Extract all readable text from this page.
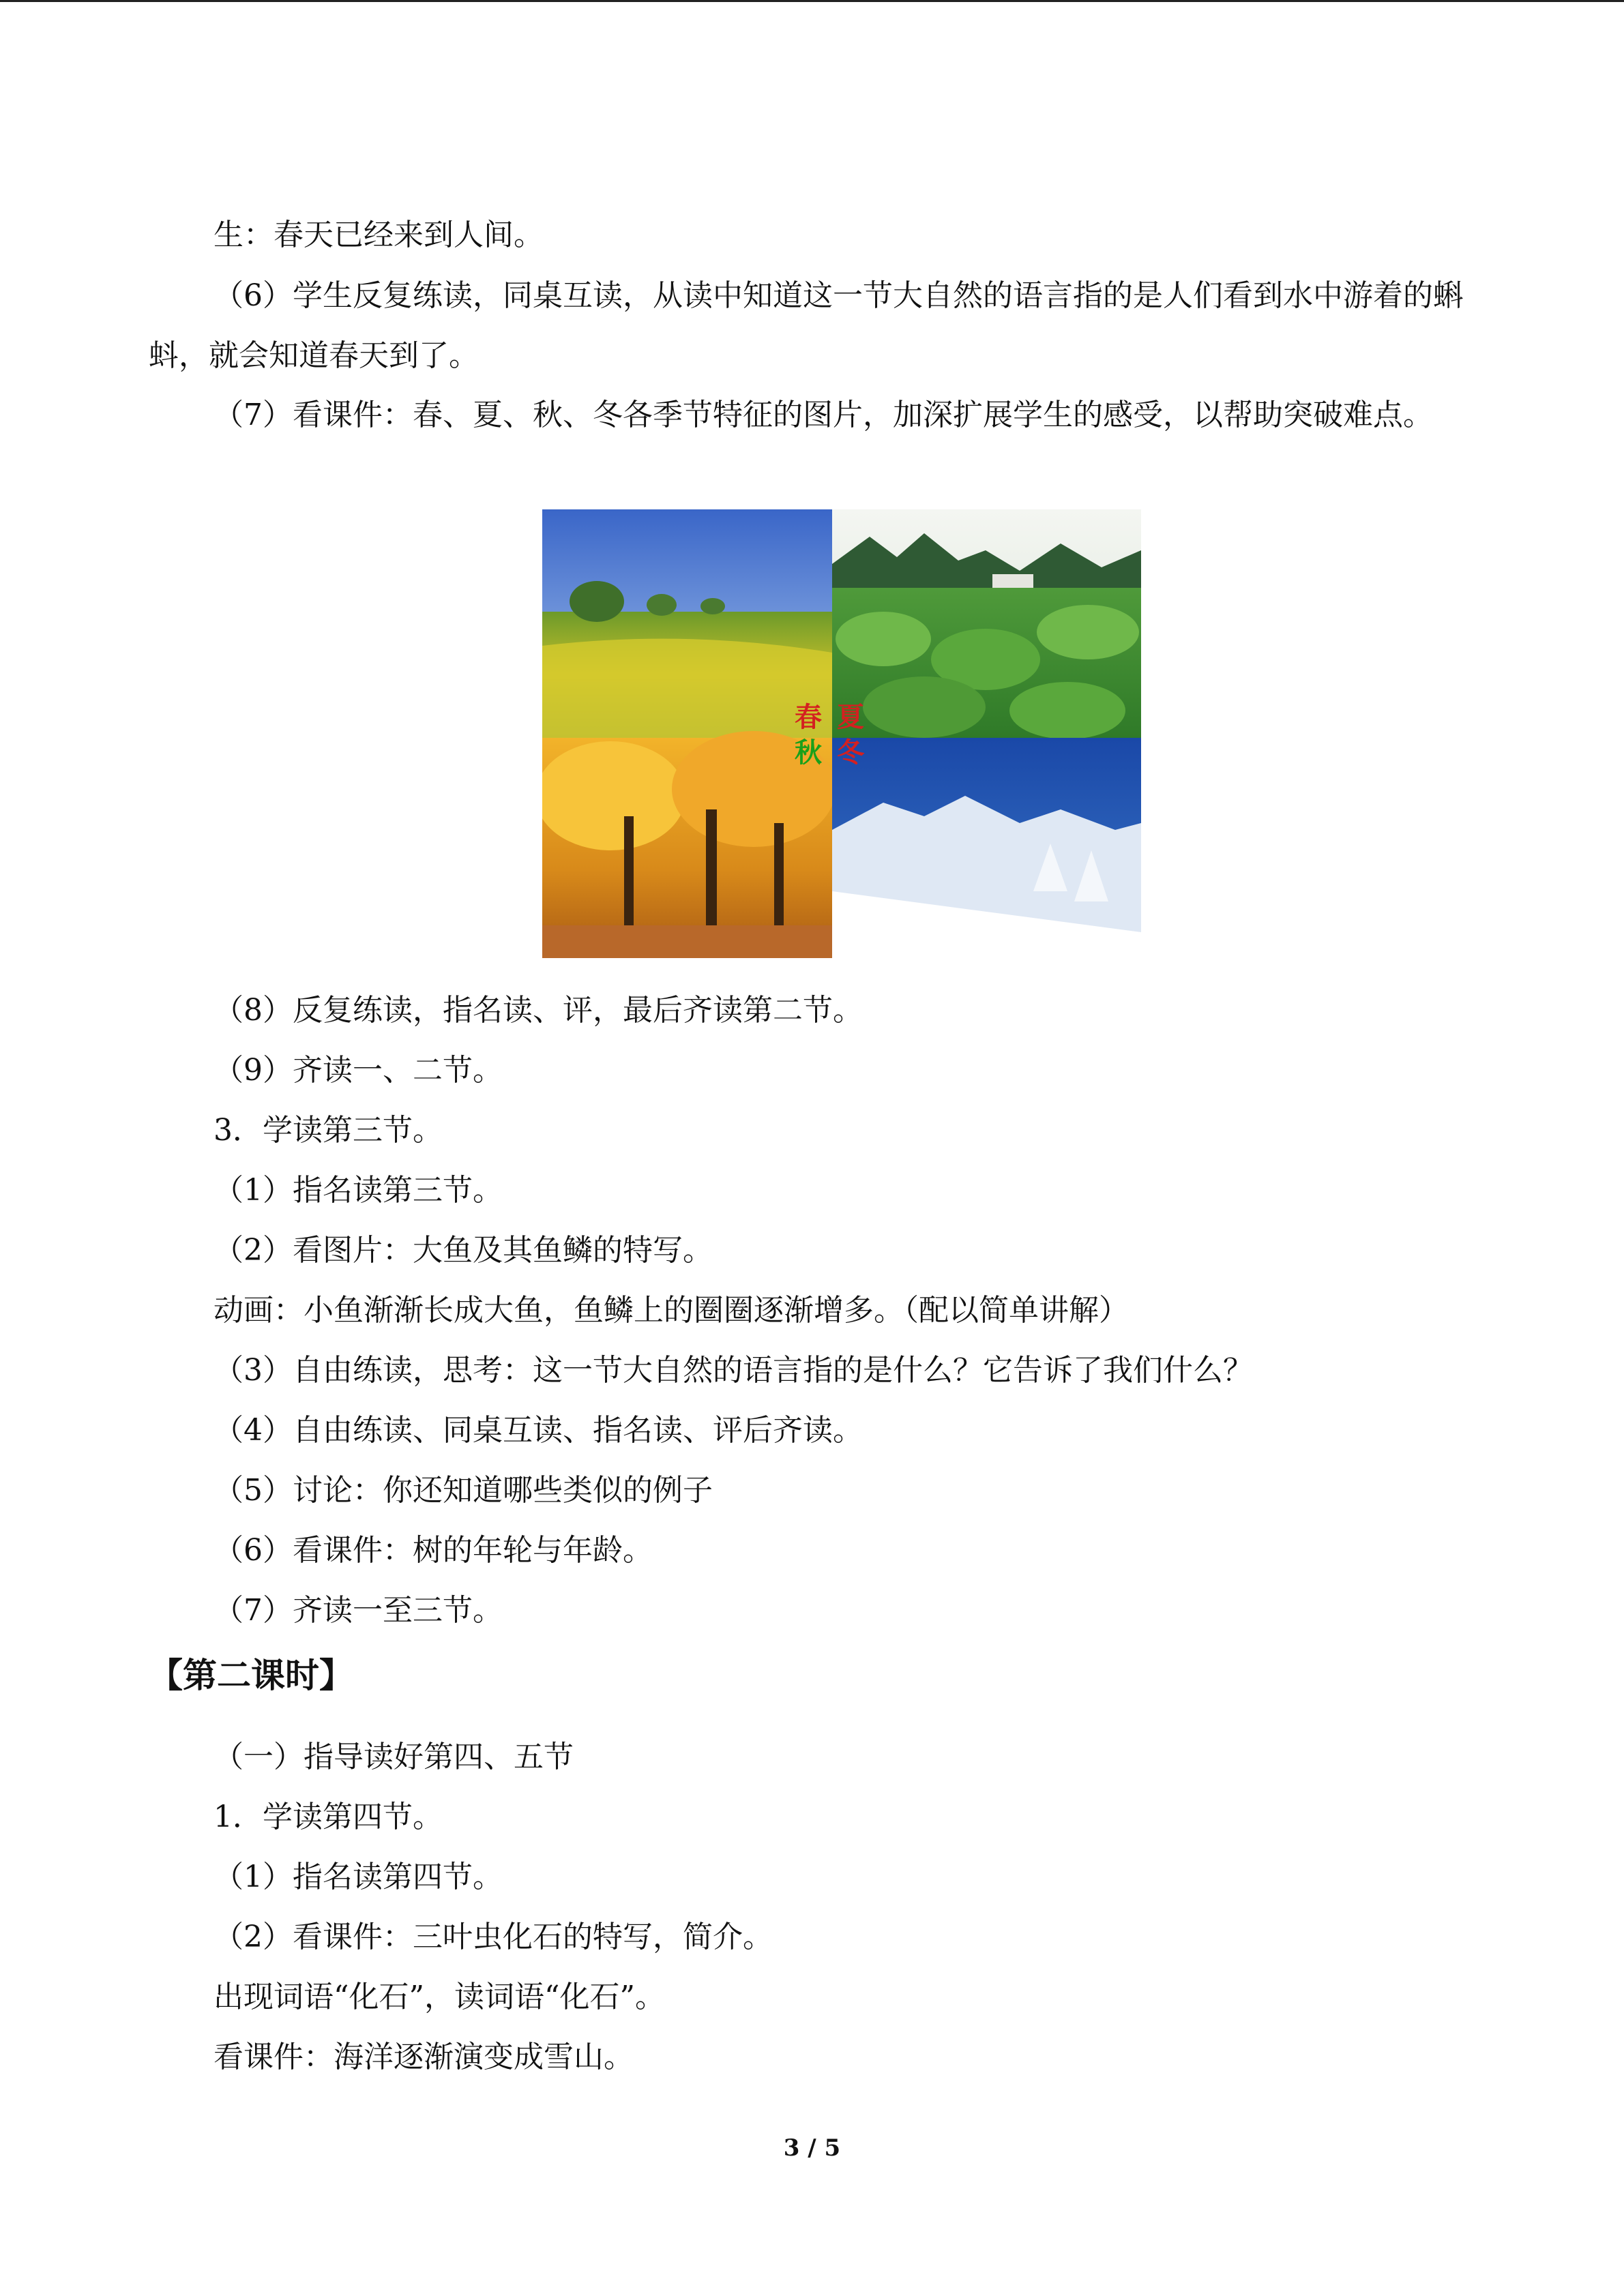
生：春天已经来到人间。

（6）学生反复练读，同桌互读，从读中知道这一节大自然的语言指的是人们看到水中游着的蝌蚪，就会知道春天到了。

（7）看课件：春、夏、秋、冬各季节特征的图片，加深扩展学生的感受，以帮助突破难点。

春 夏
秋 冬

（8）反复练读，指名读、评，最后齐读第二节。

（9）齐读一、二节。

3．学读第三节。

（1）指名读第三节。

（2）看图片：大鱼及其鱼鳞的特写。

动画：小鱼渐渐长成大鱼，鱼鳞上的圈圈逐渐增多。（配以简单讲解）

（3）自由练读，思考：这一节大自然的语言指的是什么？它告诉了我们什么？

（4）自由练读、同桌互读、指名读、评后齐读。

（5）讨论：你还知道哪些类似的例子

（6）看课件：树的年轮与年龄。

（7）齐读一至三节。

【第二课时】

（一）指导读好第四、五节

1．学读第四节。

（1）指名读第四节。

（2）看课件：三叶虫化石的特写，简介。

出现词语“化石”，读词语“化石”。

看课件：海洋逐渐演变成雪山。

3 / 5
